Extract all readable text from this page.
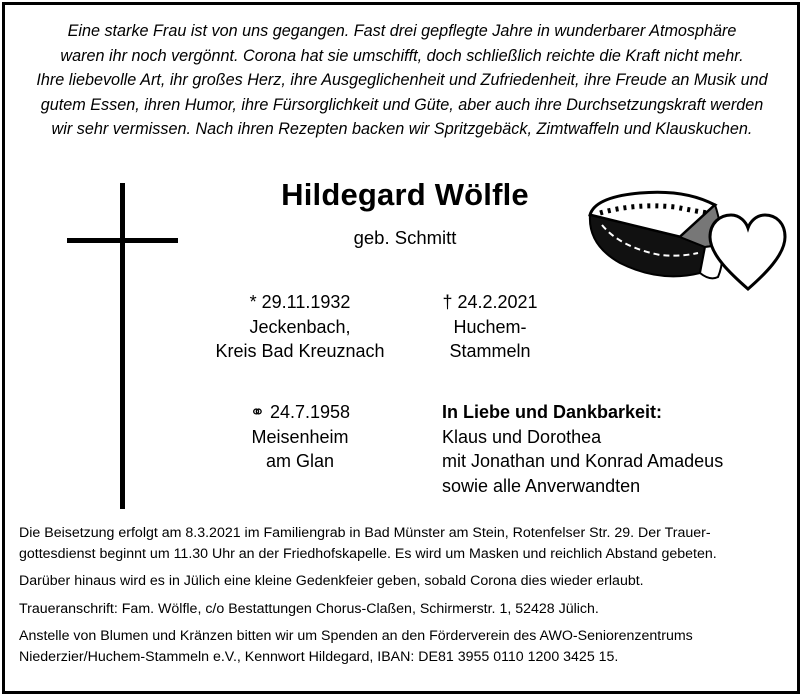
Eine starke Frau ist von uns gegangen. Fast drei gepflegte Jahre in wunderbarer Atmosphäre
waren ihr noch vergönnt. Corona hat sie umschifft, doch schließlich reichte die Kraft nicht mehr.
Ihre liebevolle Art, ihr großes Herz, ihre Ausgeglichenheit und Zufriedenheit, ihre Freude an Musik und
gutem Essen, ihren Humor, ihre Fürsorglichkeit und Güte, aber auch ihre Durchsetzungskraft werden
wir sehr vermissen. Nach ihren Rezepten backen wir Spritzgebäck, Zimtwaffeln und Klauskuchen.
Hildegard Wölfle
geb. Schmitt
* 29.11.1932
Jeckenbach,
Kreis Bad Kreuznach
† 24.2.2021
Huchem-
Stammeln
⚭ 24.7.1958
Meisenheim
am Glan
In Liebe und Dankbarkeit:
Klaus und Dorothea
mit Jonathan und Konrad Amadeus
sowie alle Anverwandten

Die Beisetzung erfolgt am 8.3.2021 im Familiengrab in Bad Münster am Stein, Rotenfelser Str. 29. Der Trauer-
gottesdienst beginnt um 11.30 Uhr an der Friedhofskapelle. Es wird um Masken und reichlich Abstand gebeten.

Darüber hinaus wird es in Jülich eine kleine Gedenkfeier geben, sobald Corona dies wieder erlaubt.

Traueranschrift: Fam. Wölfle, c/o Bestattungen Chorus-Claßen, Schirmerstr. 1, 52428 Jülich.

Anstelle von Blumen und Kränzen bitten wir um Spenden an den Förderverein des AWO-Seniorenzentrums
Niederzier/Huchem-Stammeln e.V., Kennwort Hildegard, IBAN: DE81 3955 0110 1200 3425 15.
